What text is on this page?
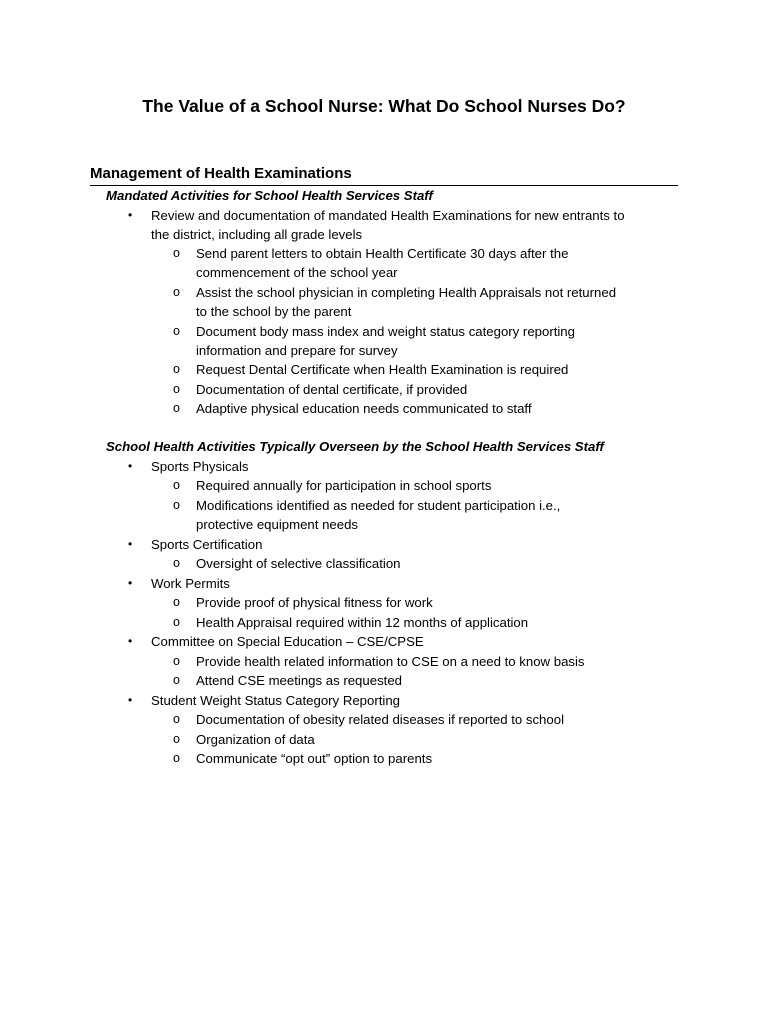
The Value of a School Nurse: What Do School Nurses Do?
Management of Health Examinations
Mandated Activities for School Health Services Staff
•	Review and documentation of mandated Health Examinations for new entrants to
the district, including all grade levels
o Send parent letters to obtain Health Certificate 30 days after the
commencement of the school year
o Assist the school physician in completing Health Appraisals not returned
to the school by the parent
o Document body mass index and weight status category reporting
information and prepare for survey
o Request Dental Certificate when Health Examination is required
o Documentation of dental certificate, if provided
o Adaptive physical education needs communicated to staff
School Health Activities Typically Overseen by the School Health Services Staff
•	Sports Physicals
o Required annually for participation in school sports
o Modifications identified as needed for student participation i.e.,
protective equipment needs
•	Sports Certification
o Oversight of selective classification
•	Work Permits
o Provide proof of physical fitness for work
o Health Appraisal required within 12 months of application
•	Committee on Special Education – CSE/CPSE
o Provide health related information to CSE on a need to know basis
o Attend CSE meetings as requested
•	Student Weight Status Category Reporting
o Documentation of obesity related diseases if reported to school
o Organization of data
o Communicate “opt out” option to parents
